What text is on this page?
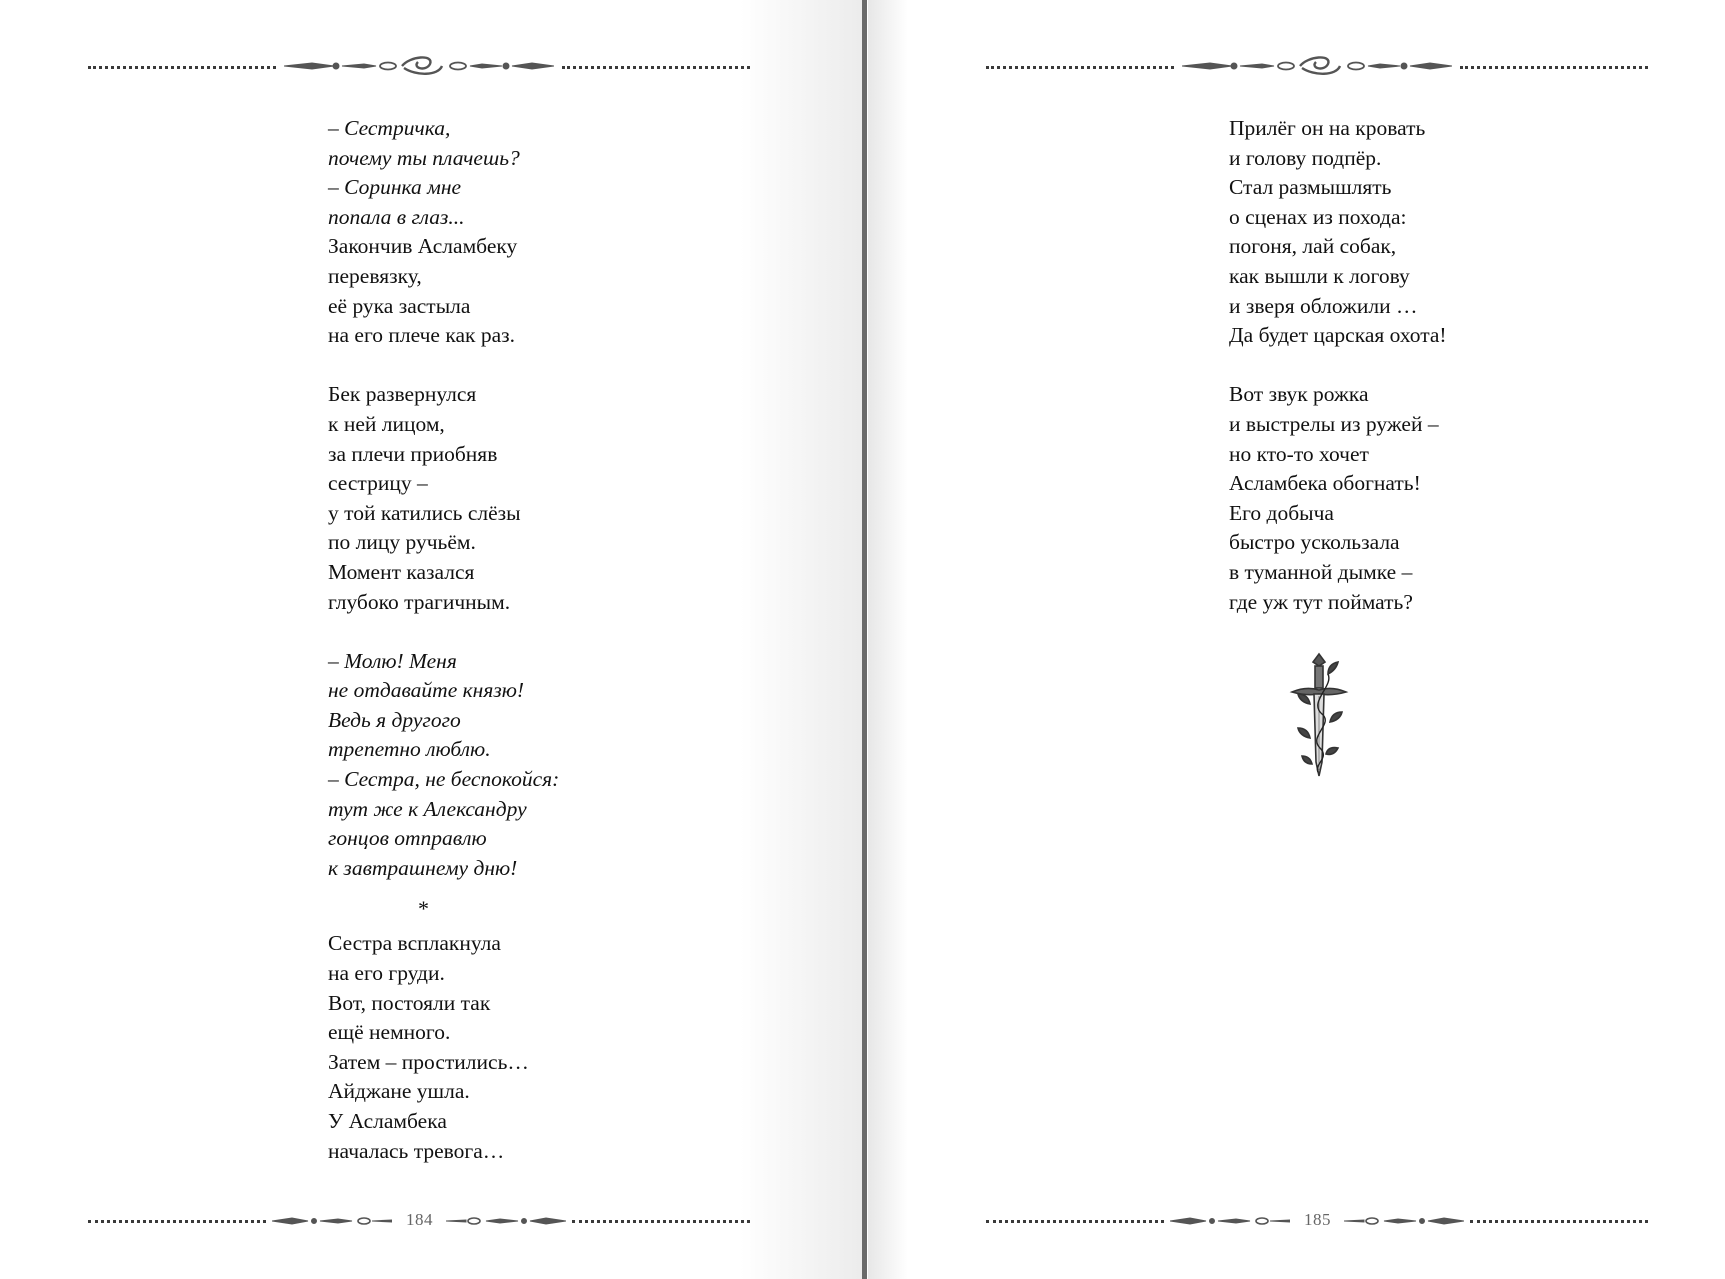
– Сестричка,
почему ты плачешь?
– Соринка мне
попала в глаз...
Закончив Асламбеку
перевязку,
её рука застыла
на его плече как раз.
Бек развернулся
к ней лицом,
за плечи приобняв
сестрицу –
у той катились слёзы
по лицу ручьём.
Момент казался
глубоко трагичным.
– Молю! Меня
не отдавайте князю!
Ведь я другого
трепетно люблю.
– Сестра, не беспокойся:
тут же к Александру
гонцов отправлю
к завтрашнему дню!
*
Сестра всплакнула
на его груди.
Вот, постояли так
ещё немного.
Затем – простились…
Айджане ушла.
У Асламбека
началась тревога…
184
Прилёг он на кровать
и голову подпёр.
Стал размышлять
о сценах из похода:
погоня, лай собак,
как вышли к логову
и зверя обложили …
Да будет царская охота!
Вот звук рожка
и выстрелы из ружей –
но кто-то хочет
Асламбека обогнать!
Его добыча
быстро ускользала
в туманной дымке –
где уж тут поймать?
185
